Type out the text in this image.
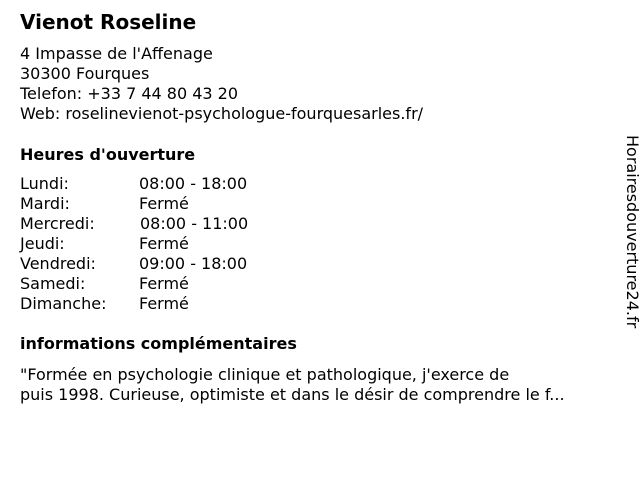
Vienot Roseline
4 Impasse de l'Affenage
30300 Fourques
Telefon: +33 7 44 80 43 20
Web: roselinevienot-psychologue-fourquesarles.fr/
Heures d'ouverture
Lundi:	08:00 - 18:00
Mardi:	Fermé
Mercredi:	08:00 - 11:00
Jeudi:	Fermé
Vendredi:	09:00 - 18:00
Samedi:	Fermé
Dimanche: Fermé
informations complémentaires
"Formée en psychologie clinique et pathologique, j'exerce de
puis 1998. Curieuse, optimiste et dans le désir de comprendre le f...
Horairesdouverture24.fr
